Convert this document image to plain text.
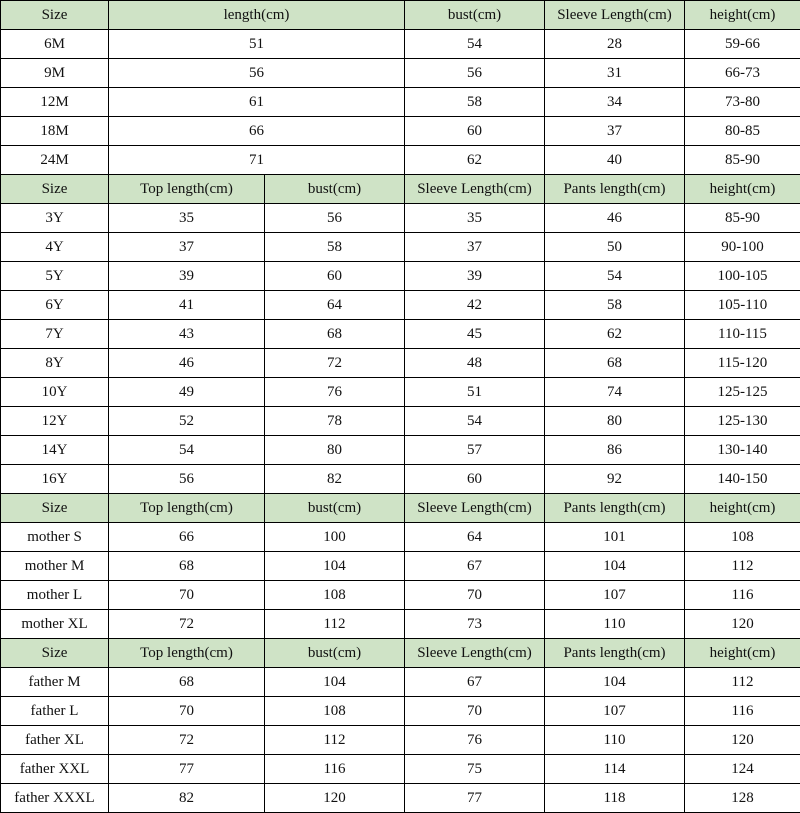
Size	length(cm)		bust(cm)	Sleeve Length(cm)	height(cm)
6M	51		54	28	59-66
9M	56		56	31	66-73
12M	61		58	34	73-80
18M	66		60	37	80-85
24M	71		62	40	85-90
Size	Top length(cm)	bust(cm)	Sleeve Length(cm)	Pants length(cm)	height(cm)
3Y	35	56	35	46	85-90
4Y	37	58	37	50	90-100
5Y	39	60	39	54	100-105
6Y	41	64	42	58	105-110
7Y	43	68	45	62	110-115
8Y	46	72	48	68	115-120
10Y	49	76	51	74	125-125
12Y	52	78	54	80	125-130
14Y	54	80	57	86	130-140
16Y	56	82	60	92	140-150
Size	Top length(cm)	bust(cm)	Sleeve Length(cm)	Pants length(cm)	height(cm)
mother S	66	100	64	101	108
mother M	68	104	67	104	112
mother L	70	108	70	107	116
mother XL	72	112	73	110	120
Size	Top length(cm)	bust(cm)	Sleeve Length(cm)	Pants length(cm)	height(cm)
father M	68	104	67	104	112
father L	70	108	70	107	116
father XL	72	112	76	110	120
father XXL	77	116	75	114	124
father XXXL	82	120	77	118	128
